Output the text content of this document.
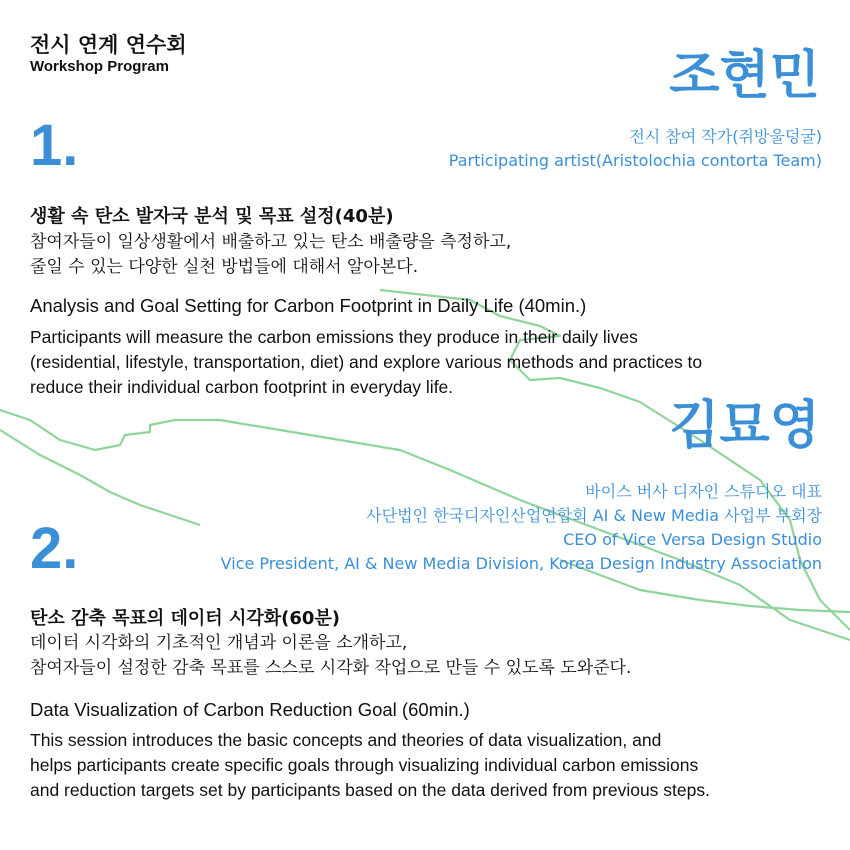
전시 연계 연수회
Workshop Program	조현민
1.	전시 참여 작가(쥐방울덩굴)
Participating artist(Aristolochia contorta Team)
생활 속 탄소 발자국 분석 및 목표 설정(40분)
참여자들이 일상생활에서 배출하고 있는 탄소 배출량을 측정하고,
줄일 수 있는 다양한 실천 방법들에 대해서 알아본다.
Analysis and Goal Setting for Carbon Footprint in Daily Life (40min.)
Participants will measure the carbon emissions they produce in their daily lives
(residential, lifestyle, transportation, diet) and explore various methods and practices to
reduce their individual carbon footprint in everyday life.
김묘영
바이스 버사 디자인 스튜디오 대표
사단법인 한국디자인산업연합회 AI & New Media 사업부 부회장
CEO of Vice Versa Design Studio
Vice President, AI & New Media Division, Korea Design Industry Association
2.
탄소 감축 목표의 데이터 시각화(60분)
데이터 시각화의 기초적인 개념과 이론을 소개하고,
참여자들이 설정한 감축 목표를 스스로 시각화 작업으로 만들 수 있도록 도와준다.
Data Visualization of Carbon Reduction Goal (60min.)
This session introduces the basic concepts and theories of data visualization, and
helps participants create specific goals through visualizing individual carbon emissions
and reduction targets set by participants based on the data derived from previous steps.
